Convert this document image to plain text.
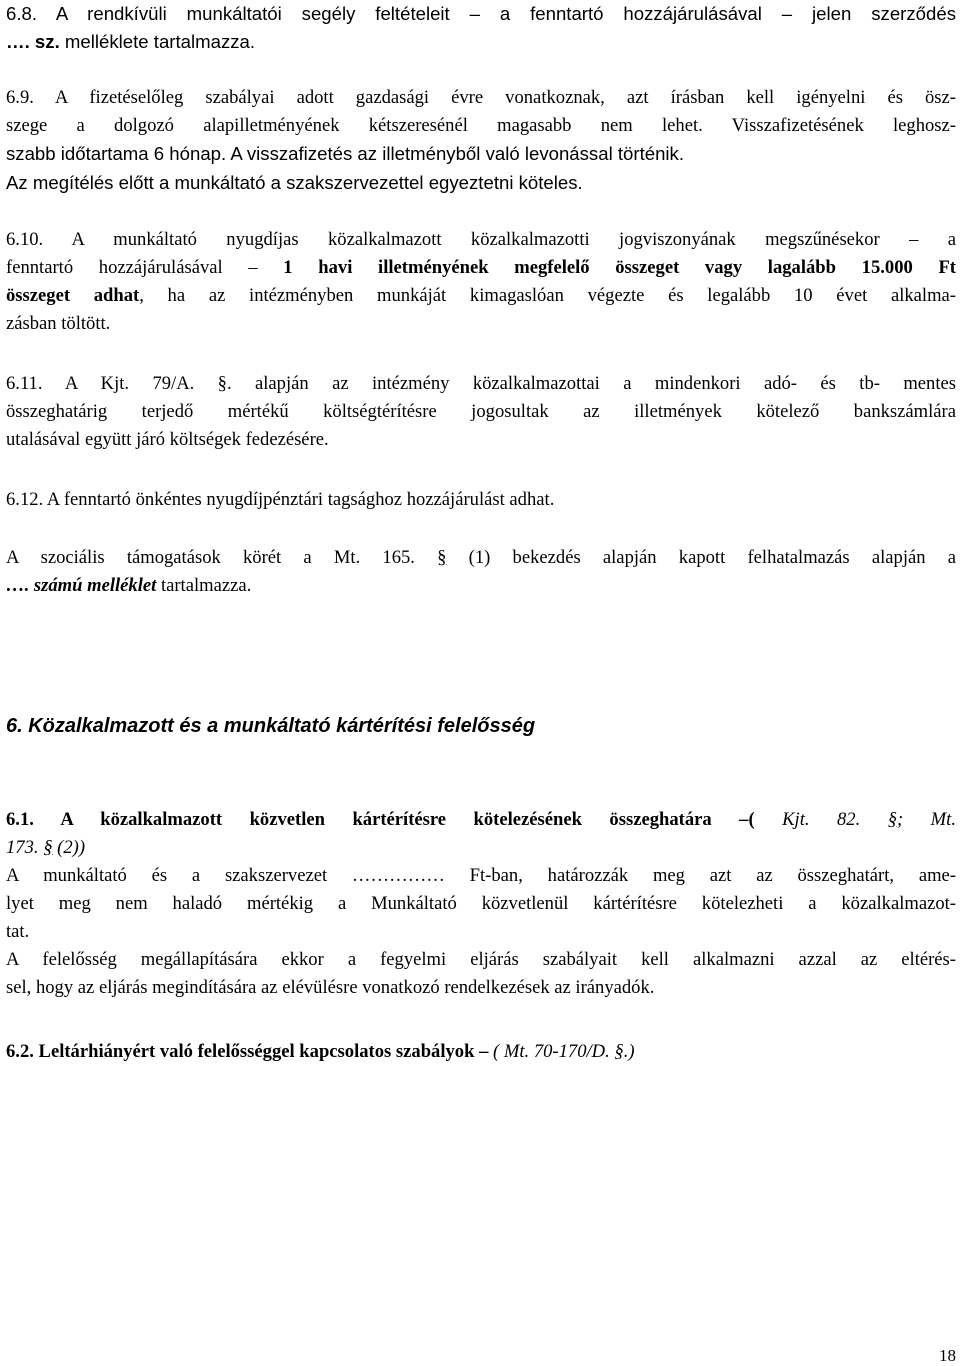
6.8. A rendkívüli munkáltatói segély feltételeit – a fenntartó hozzájárulásával – jelen szerződés
…. sz. melléklete tartalmazza.
6.9. A fizetéselőleg szabályai adott gazdasági évre vonatkoznak, azt írásban kell igényelni és ösz-
szege a dolgozó alapilletményének kétszeresénél magasabb nem lehet. Visszafizetésének leghosz-
szabb időtartama 6 hónap. A visszafizetés az illetményből való levonással történik.
Az megítélés előtt a munkáltató a szakszervezettel egyeztetni köteles.
6.10. A munkáltató nyugdíjas közalkalmazott közalkalmazotti jogviszonyának megszűnésekor – a
fenntartó hozzájárulásával – 1 havi illetményének megfelelő összeget vagy lagalább 15.000 Ft
összeget adhat, ha az intézményben munkáját kimagaslóan végezte és legalább 10 évet alkalma-
zásban töltött.
6.11. A Kjt. 79/A. §. alapján az intézmény közalkalmazottai a mindenkori adó- és tb- mentes
összeghatárig terjedő mértékű költségtérítésre jogosultak az illetmények kötelező bankszámlára
utalásával együtt járó költségek fedezésére.
6.12. A fenntartó önkéntes nyugdíjpénztári tagsághoz hozzájárulást adhat.
A szociális támogatások körét a Mt. 165. § (1) bekezdés alapján kapott felhatalmazás alapján a
…. számú melléklet tartalmazza.
6. Közalkalmazott és a munkáltató kártérítési felelősség
6.1. A közalkalmazott közvetlen kártérítésre kötelezésének összeghatára –( Kjt. 82. §; Mt.
173. § (2))
A munkáltató és a szakszervezet …………… Ft-ban, határozzák meg azt az összeghatárt, ame-
lyet meg nem haladó mértékig a Munkáltató közvetlenül kártérítésre kötelezheti a közalkalmazot-
tat.
A felelősség megállapítására ekkor a fegyelmi eljárás szabályait kell alkalmazni azzal az eltérés-
sel, hogy az eljárás megindítására az elévülésre vonatkozó rendelkezések az irányadók.
6.2. Leltárhiányért való felelősséggel kapcsolatos szabályok – ( Mt. 70-170/D. §.)
18
